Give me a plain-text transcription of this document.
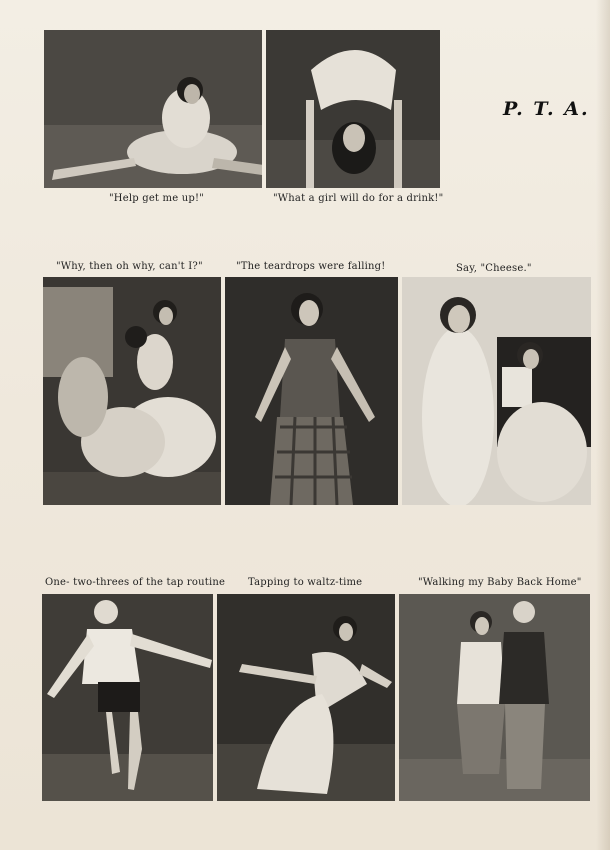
P. T. A.
"Help get me up!"	"What a girl will do for a drink!"
"Why, then oh why, can't I?"	"The teardrops were falling!	Say, "Cheese."
One- two-threes of the tap routine Tapping to waltz-time	"Walking my Baby Back Home"
